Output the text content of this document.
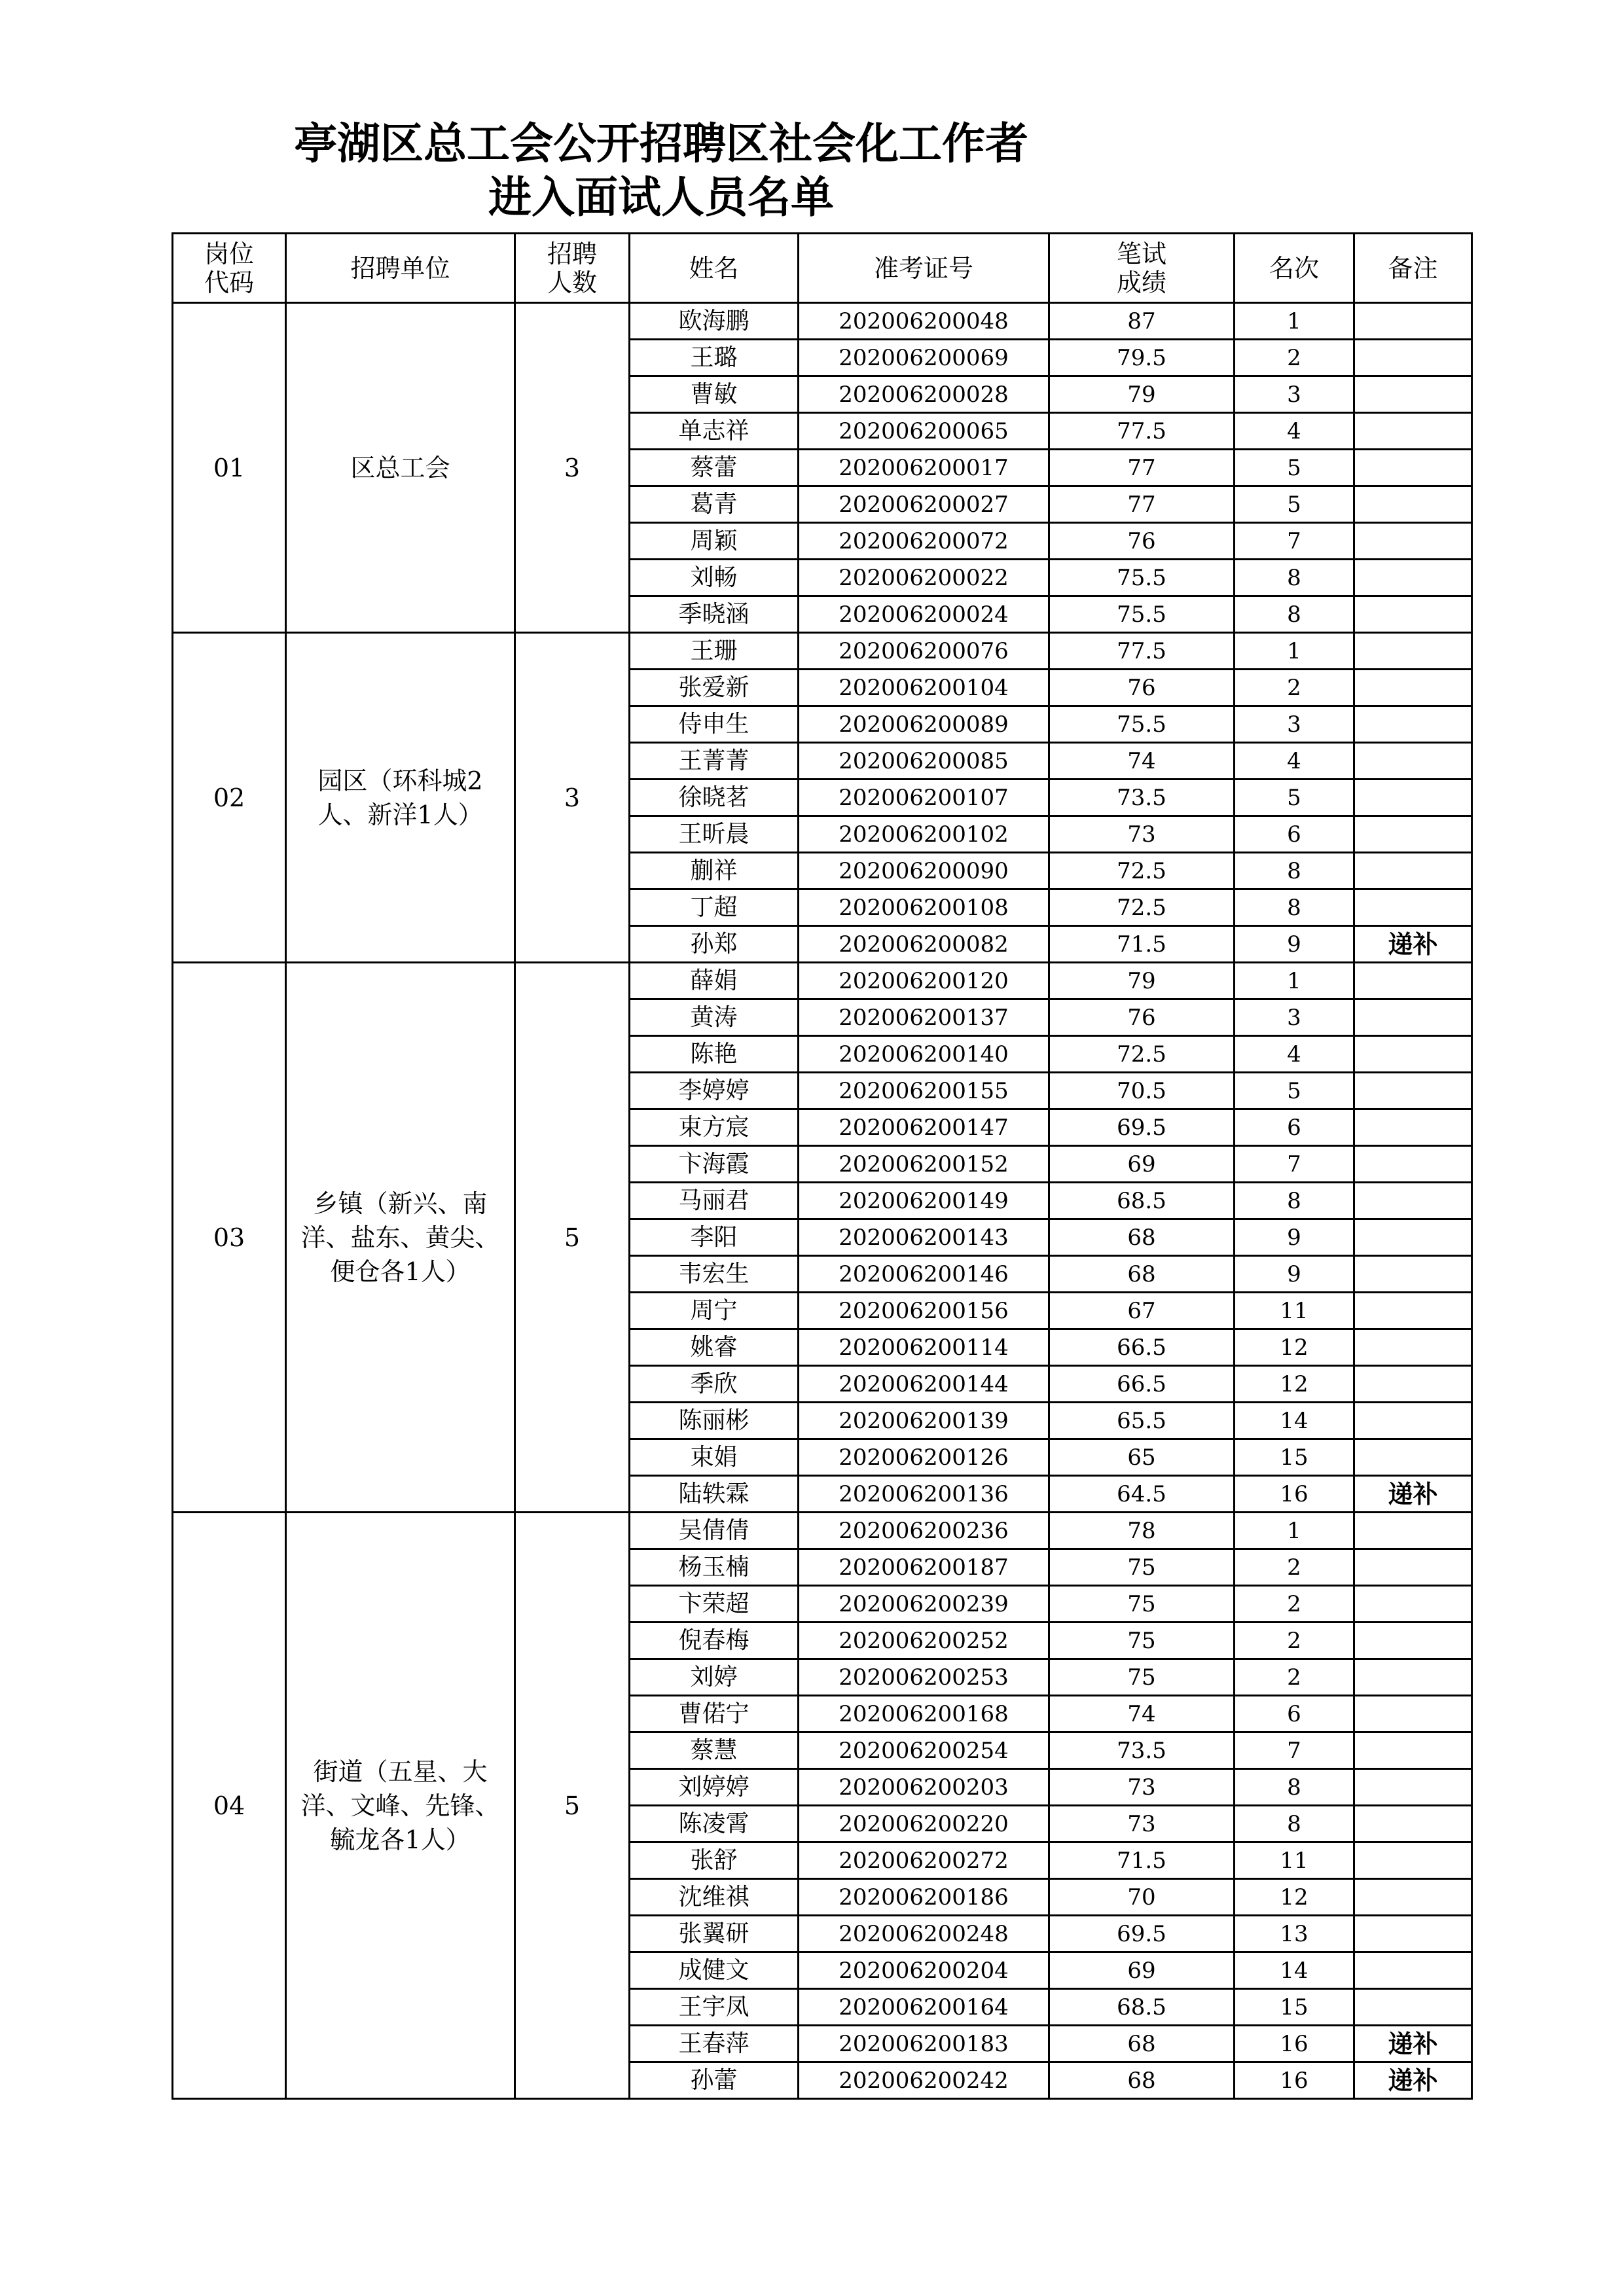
亭湖区总工会公开招聘区社会化工作者
进入面试人员名单
岗位代码	招聘单位	招聘人数	姓名	准考证号	笔试成绩	名次	备注
01	区总工会	3	欧海鹏	202006200048	87	1	
			王璐	202006200069	79.5	2	
			曹敏	202006200028	79	3	
			单志祥	202006200065	77.5	4	
			蔡蕾	202006200017	77	5	
			葛青	202006200027	77	5	
			周颖	202006200072	76	7	
			刘畅	202006200022	75.5	8	
			季晓涵	202006200024	75.5	8	
02	园区（环科城2人、新洋1人）	3	王珊	202006200076	77.5	1	
			张爱新	202006200104	76	2	
			侍申生	202006200089	75.5	3	
			王菁菁	202006200085	74	4	
			徐晓茗	202006200107	73.5	5	
			王昕晨	202006200102	73	6	
			蒯祥	202006200090	72.5	8	
			丁超	202006200108	72.5	8	
			孙郑	202006200082	71.5	9	递补
03	乡镇（新兴、南洋、盐东、黄尖、便仓各1人）	5	薛娟	202006200120	79	1	
			黄涛	202006200137	76	3	
			陈艳	202006200140	72.5	4	
			李婷婷	202006200155	70.5	5	
			束方宸	202006200147	69.5	6	
			卞海霞	202006200152	69	7	
			马丽君	202006200149	68.5	8	
			李阳	202006200143	68	9	
			韦宏生	202006200146	68	9	
			周宁	202006200156	67	11	
			姚睿	202006200114	66.5	12	
			季欣	202006200144	66.5	12	
			陈丽彬	202006200139	65.5	14	
			束娟	202006200126	65	15	
			陆轶霖	202006200136	64.5	16	递补
04	街道（五星、大洋、文峰、先锋、毓龙各1人）	5	吴倩倩	202006200236	78	1	
			杨玉楠	202006200187	75	2	
			卞荣超	202006200239	75	2	
			倪春梅	202006200252	75	2	
			刘婷	202006200253	75	2	
			曹偌宁	202006200168	74	6	
			蔡慧	202006200254	73.5	7	
			刘婷婷	202006200203	73	8	
			陈凌霄	202006200220	73	8	
			张舒	202006200272	71.5	11	
			沈维祺	202006200186	70	12	
			张翼研	202006200248	69.5	13	
			成健文	202006200204	69	14	
			王宇凤	202006200164	68.5	15	
			王春萍	202006200183	68	16	递补
			孙蕾	202006200242	68	16	递补
